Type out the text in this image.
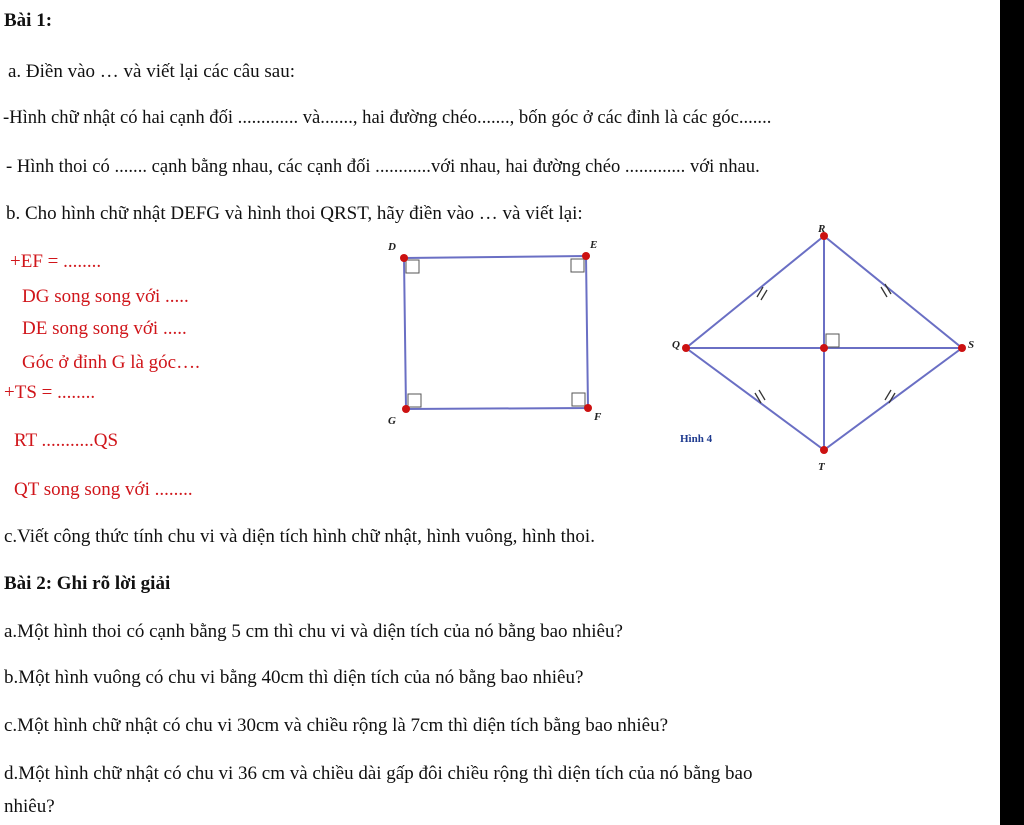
Bài 1:
a. Điền vào … và viết lại các câu sau:
-Hình chữ nhật có hai cạnh đối ............. và......., hai đường chéo......., bốn góc ở các đỉnh là các góc.......
- Hình thoi có ....... cạnh bằng nhau, các cạnh đối ............với nhau, hai đường chéo ............. với nhau.
b. Cho hình chữ nhật DEFG và hình thoi QRST, hãy điền vào … và viết lại:
+EF = ........
DG song song với .....
DE song song với .....
Góc ở đỉnh G là góc….
+TS = ........
RT ...........QS
QT song song với ........
D	E
F
G
R
S
T
Q
Hình 4
c.Viết công thức tính chu vi và diện tích hình chữ nhật, hình vuông, hình thoi.
Bài 2: Ghi rõ lời giải
a.Một hình thoi có cạnh bằng 5 cm thì chu vi và diện tích của nó bằng bao nhiêu?
b.Một hình vuông có chu vi bằng 40cm thì diện tích của nó bằng bao nhiêu?
c.Một hình chữ nhật có chu vi 30cm và chiều rộng là 7cm thì diện tích bằng bao nhiêu?
d.Một hình chữ nhật có chu vi 36 cm và chiều dài gấp đôi chiều rộng thì diện tích của nó bằng bao
nhiêu?
